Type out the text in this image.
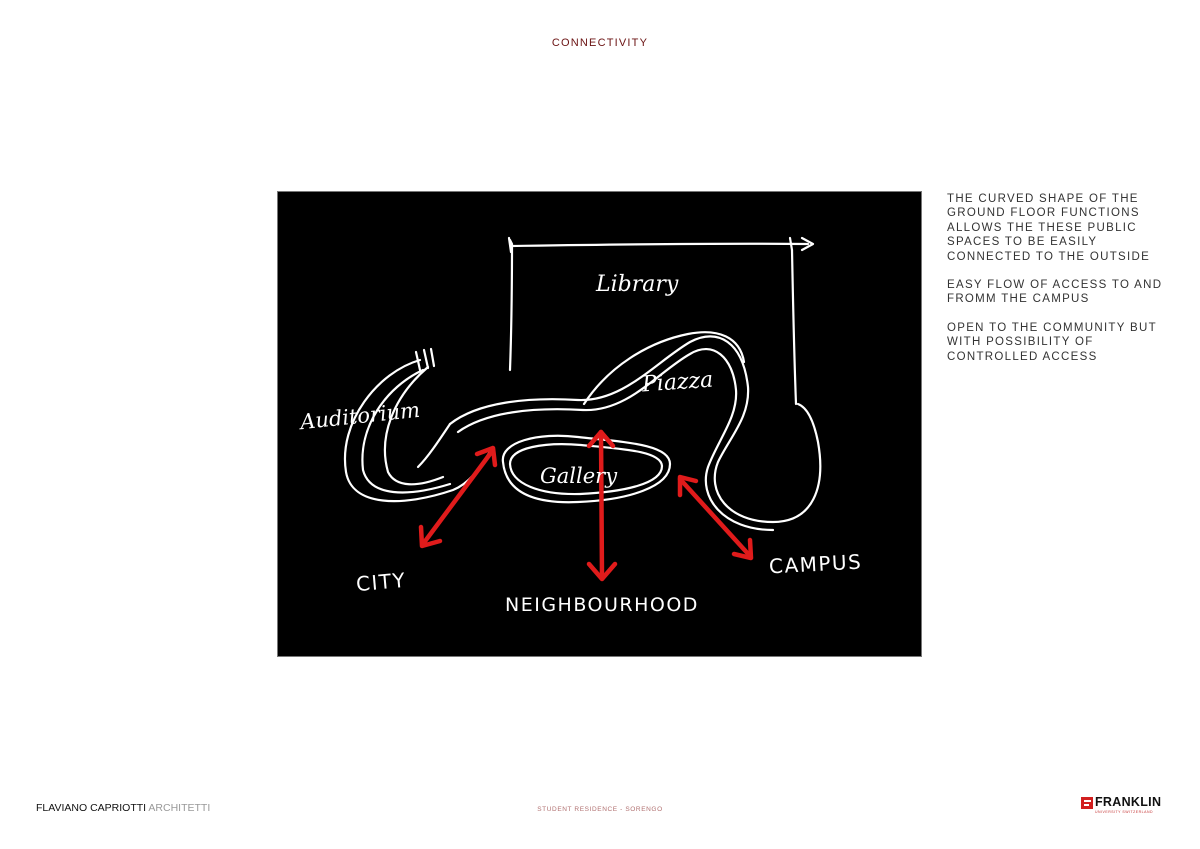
CONNECTIVITY
Library
Auditorium
Piazza
Gallery
CITY
NEIGHBOURHOOD
CAMPUS

THE CURVED SHAPE OF THE GROUND FLOOR FUNCTIONS ALLOWS THE THESE PUBLIC SPACES TO BE EASILY CONNECTED TO THE OUTSIDE

EASY FLOW OF ACCESS TO AND FROMM THE CAMPUS

OPEN TO THE COMMUNITY BUT WITH POSSIBILITY OF CONTROLLED ACCESS

FLAVIANO CAPRIOTTI ARCHITETTI	STUDENT RESIDENCE - SORENGO
FRANKLIN
UNIVERSITY SWITZERLAND
